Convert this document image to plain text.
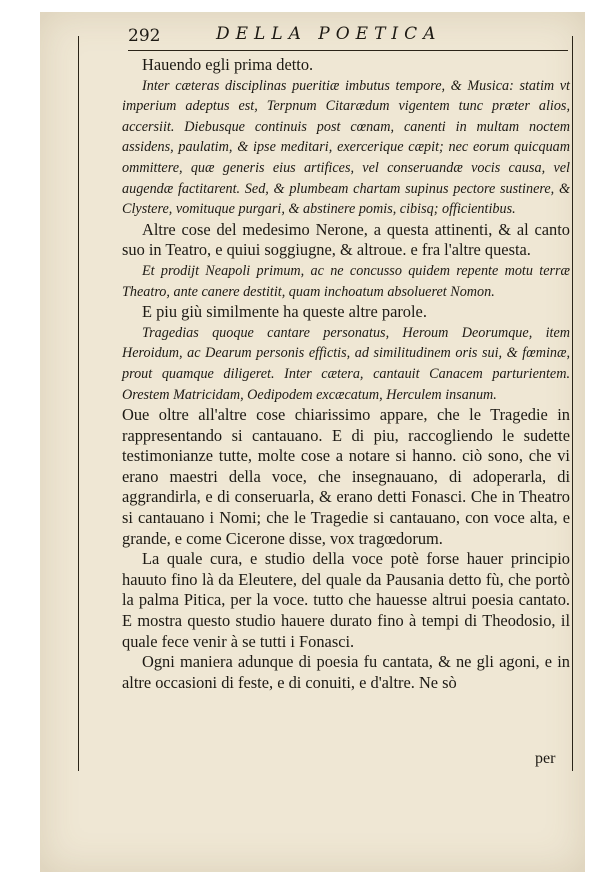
292	DELLA POETICA

Hauendo egli prima detto.

Inter cæteras disciplinas pueritiæ imbutus tempore, & Musica: statim vt imperium adeptus est, Terpnum Citarædum vigentem tunc præter alios, accersiit. Diebusque continuis post cœnam, canenti in multam noctem assidens, paulatim, & ipse meditari, exercerique cæpit; nec eorum quicquam ommittere, quæ generis eius artifices, vel conseruandæ vocis causa, vel augendæ factitarent. Sed, & plumbeam chartam supinus pectore sustinere, & Clystere, vomituque purgari, & abstinere pomis, cibisq; officientibus.

Altre cose del medesimo Nerone, a questa attinenti, & al canto suo in Teatro, e quiui soggiugne, & altroue. e fra l'altre questa.

Et prodijt Neapoli primum, ac ne concusso quidem repente motu terræ Theatro, ante canere destitit, quam inchoatum absolueret Nomon.

E piu giù similmente ha queste altre parole.

Tragedias quoque cantare personatus, Heroum Deorumque, item Heroidum, ac Dearum personis effictis, ad similitudinem oris sui, & fœminæ, prout quamque diligeret. Inter cætera, cantauit Canacem parturientem. Orestem Matricidam, Oedipodem excæcatum, Herculem insanum.

Oue oltre all'altre cose chiarissimo appare, che le Tragedie in rappresentando si cantauano. E di piu, raccogliendo le sudette testimonianze tutte, molte cose a notare si hanno. ciò sono, che vi erano maestri della voce, che insegnauano, di adoperarla, di aggrandirla, e di conseruarla, & erano detti Fonasci. Che in Theatro si cantauano i Nomi; che le Tragedie si cantauano, con voce alta, e grande, e come Cicerone disse, vox tragœdorum.

La quale cura, e studio della voce potè forse hauer principio hauuto fino là da Eleutere, del quale da Pausania detto fù, che portò la palma Pitica, per la voce. tutto che hauesse altrui poesia cantato. E mostra questo studio hauere durato fino à tempi di Theodosio, il quale fece venir à se tutti i Fonasci.

Ogni maniera adunque di poesia fu cantata, & ne gli agoni, e in altre occasioni di feste, e di conuiti, e d'altre. Ne sò

per
